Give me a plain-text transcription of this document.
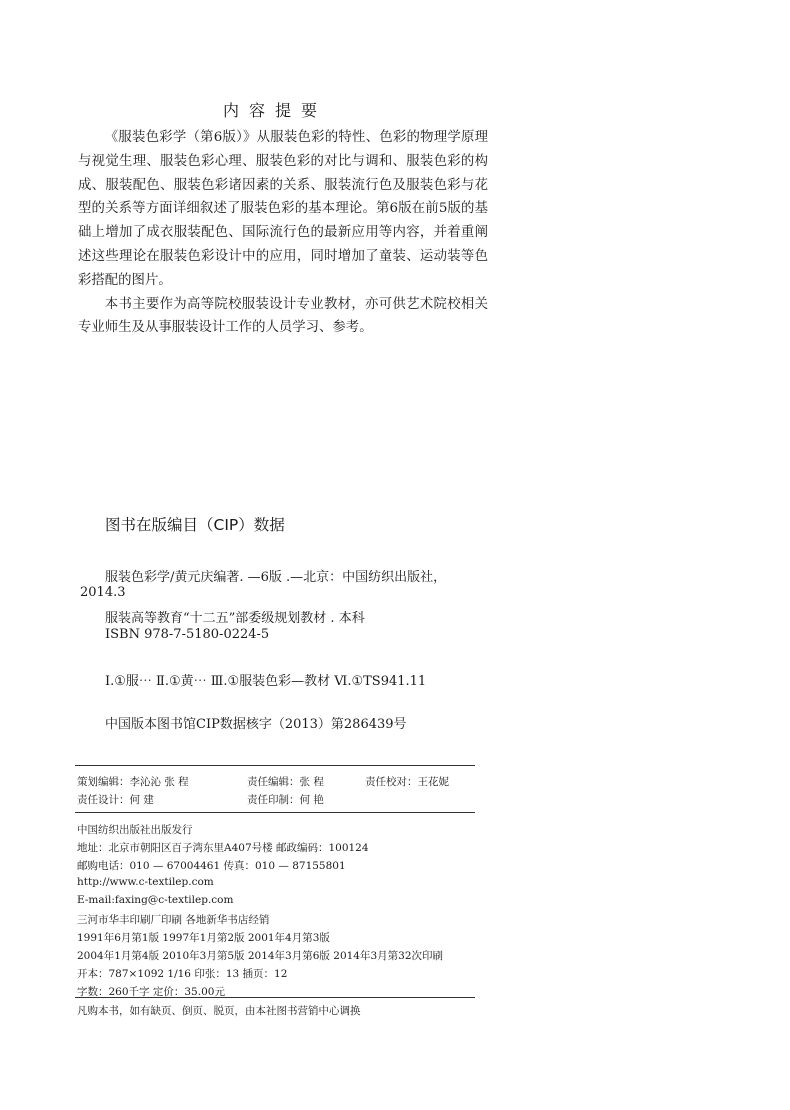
内容提要

《服装色彩学（第6版）》从服装色彩的特性、色彩的物理学原理与视觉生理、服装色彩心理、服装色彩的对比与调和、服装色彩的构成、服装配色、服装色彩诸因素的关系、服装流行色及服装色彩与花型的关系等方面详细叙述了服装色彩的基本理论。第6版在前5版的基础上增加了成衣服装配色、国际流行色的最新应用等内容，并着重阐述这些理论在服装色彩设计中的应用，同时增加了童装、运动装等色彩搭配的图片。

本书主要作为高等院校服装设计专业教材，亦可供艺术院校相关专业师生及从事服装设计工作的人员学习、参考。

图书在版编目（CIP）数据
服装色彩学/黄元庆编著. —6版 .—北京：中国纺织出版社，
2014.3
服装高等教育“十二五”部委级规划教材 . 本科
ISBN 978-7-5180-0224-5
Ⅰ.①服⋯ Ⅱ.①黄⋯ Ⅲ.①服装色彩—教材 Ⅵ.①TS941.11
中国版本图书馆CIP数据核字（2013）第286439号
策划编辑：李沁沁 张 程	责任编辑：张 程	责任校对：王花妮
责任设计：何 建	责任印制：何 艳
中国纺织出版社出版发行
地址：北京市朝阳区百子湾东里A407号楼 邮政编码：100124
邮购电话：010 — 67004461 传真：010 — 87155801
http://www.c-textilep.com
E-mail:faxing@c-textilep.com
三河市华丰印刷厂印刷 各地新华书店经销
1991年6月第1版 1997年1月第2版 2001年4月第3版
2004年1月第4版 2010年3月第5版 2014年3月第6版 2014年3月第32次印刷
开本：787×1092 1/16 印张：13 插页：12
字数：260千字 定价：35.00元
凡购本书，如有缺页、倒页、脱页，由本社图书营销中心调换
